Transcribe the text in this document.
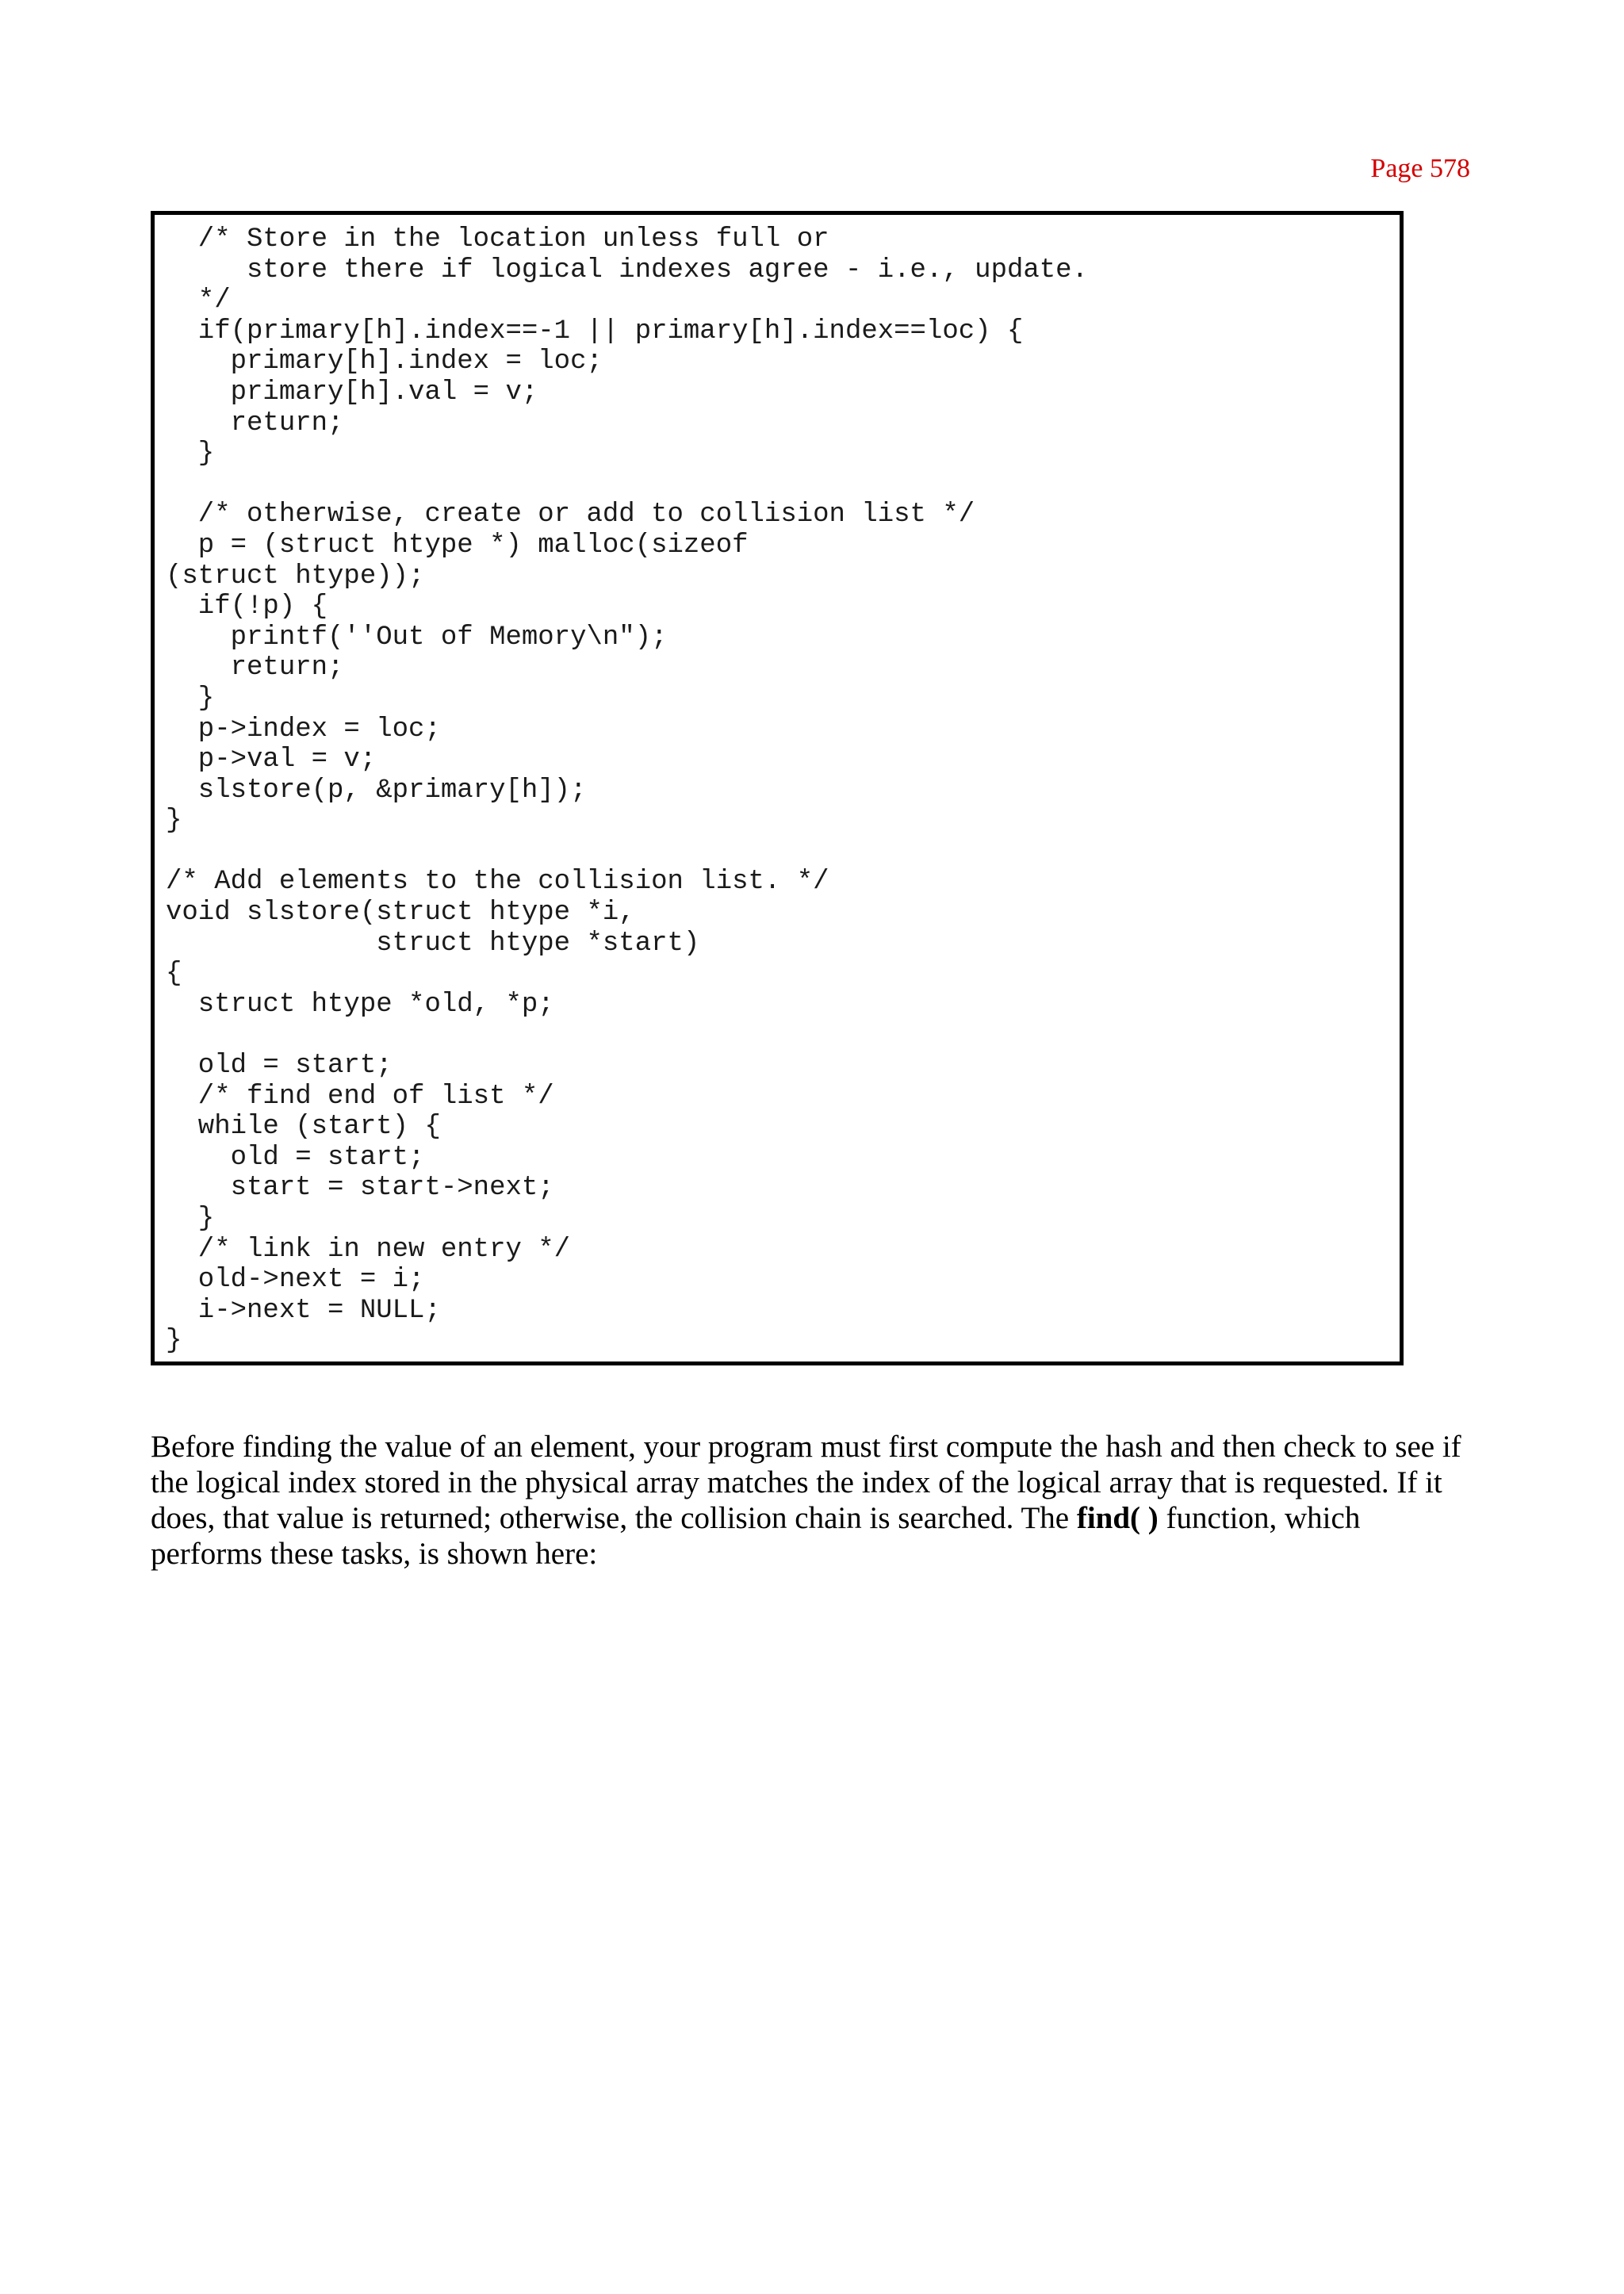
Page 578
/* Store in the location unless full or
store there if logical indexes agree - i.e., update.
*/
if(primary[h].index==-1 || primary[h].index==loc) {
primary[h].index = loc;
primary[h].val = v;
return;
}
/* otherwise, create or add to collision list */
p = (struct htype *) malloc(sizeof
(struct htype));
if(!p) {
printf(''Out of Memory\n");
return;
}
p->index = loc;
p->val = v;
slstore(p, &primary[h]);
}
/* Add elements to the collision list. */
void slstore(struct htype *i,
struct htype *start)
{
struct htype *old, *p;
old = start;
/* find end of list */
while (start) {
old = start;
start = start->next;
}
/* link in new entry */
old->next = i;
i->next = NULL;
}

Before finding the value of an element, your program must first compute the hash and then check to see if the logical index stored in the physical array matches the index of the logical array that is requested. If it does, that value is returned; otherwise, the collision chain is searched. The find( ) function, which performs these tasks, is shown here:
